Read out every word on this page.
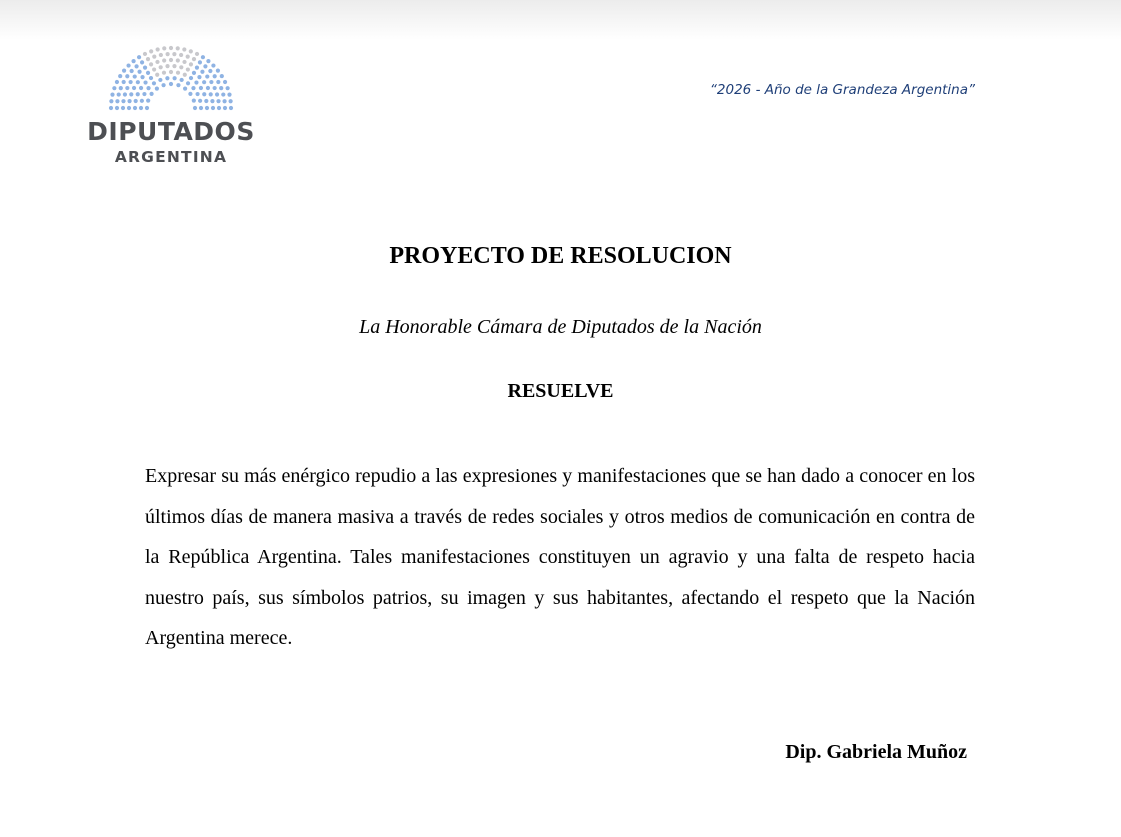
DIPUTADOS
ARGENTINA
“2026 - Año de la Grandeza Argentina”
PROYECTO DE RESOLUCION
La Honorable Cámara de Diputados de la Nación
RESUELVE
Expresar su más enérgico repudio a las expresiones y manifestaciones que se han dado a conocer en los últimos días de manera masiva a través de redes sociales y otros medios de comunicación en contra de la República Argentina. Tales manifestaciones constituyen un agravio y una falta de respeto hacia nuestro país, sus símbolos patrios, su imagen y sus habitantes, afectando el respeto que la Nación Argentina merece.
Dip. Gabriela Muñoz
